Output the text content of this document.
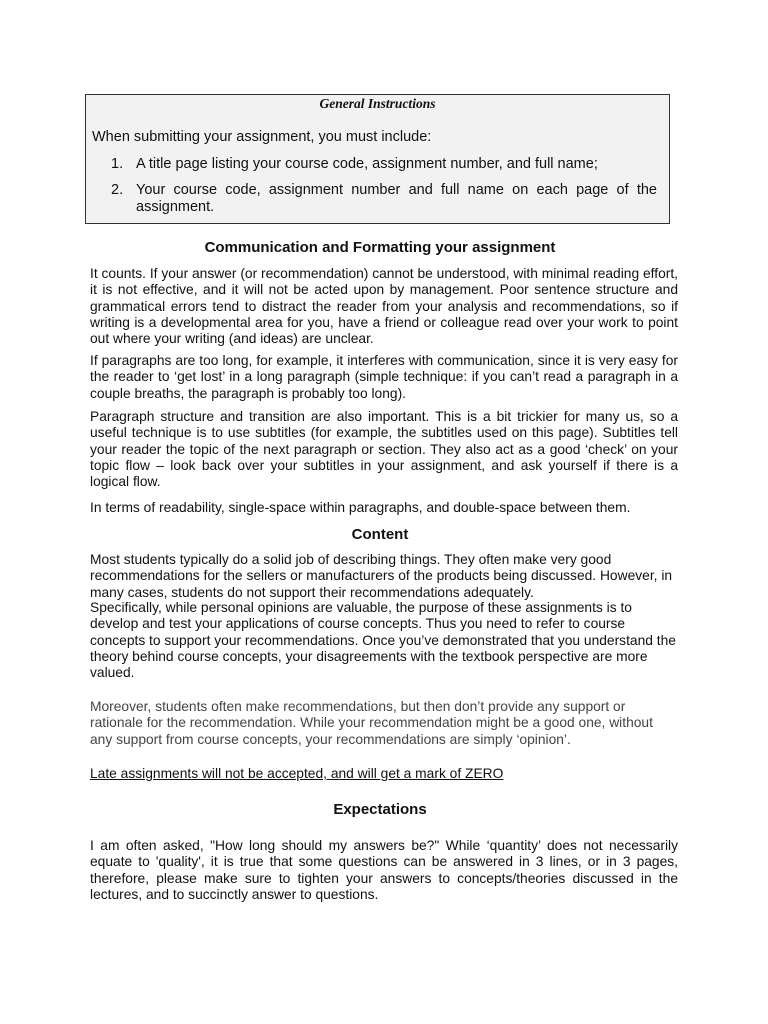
General Instructions
When submitting your assignment, you must include:
1. A title page listing your course code, assignment number, and full name;
2. Your course code, assignment number and full name on each page of the assignment.
Communication and Formatting your assignment

It counts. If your answer (or recommendation) cannot be understood, with minimal reading effort, it is not effective, and it will not be acted upon by management. Poor sentence structure and grammatical errors tend to distract the reader from your analysis and recommendations, so if writing is a developmental area for you, have a friend or colleague read over your work to point out where your writing (and ideas) are unclear.

If paragraphs are too long, for example, it interferes with communication, since it is very easy for the reader to ‘get lost’ in a long paragraph (simple technique: if you can’t read a paragraph in a couple breaths, the paragraph is probably too long).

Paragraph structure and transition are also important. This is a bit trickier for many us, so a useful technique is to use subtitles (for example, the subtitles used on this page). Subtitles tell your reader the topic of the next paragraph or section. They also act as a good ‘check’ on your topic flow – look back over your subtitles in your assignment, and ask yourself if there is a logical flow.

In terms of readability, single-space within paragraphs, and double-space between them.

Content

Most students typically do a solid job of describing things. They often make very good recommendations for the sellers or manufacturers of the products being discussed. However, in many cases, students do not support their recommendations adequately.

Specifically, while personal opinions are valuable, the purpose of these assignments is to develop and test your applications of course concepts. Thus you need to refer to course concepts to support your recommendations. Once you’ve demonstrated that you understand the theory behind course concepts, your disagreements with the textbook perspective are more valued.

Moreover, students often make recommendations, but then don’t provide any support or rationale for the recommendation. While your recommendation might be a good one, without any support from course concepts, your recommendations are simply ‘opinion’.

Late assignments will not be accepted, and will get a mark of ZERO

Expectations

I am often asked, "How long should my answers be?" While ‘quantity’ does not necessarily equate to 'quality', it is true that some questions can be answered in 3 lines, or in 3 pages, therefore, please make sure to tighten your answers to concepts/theories discussed in the lectures, and to succinctly answer to questions.
